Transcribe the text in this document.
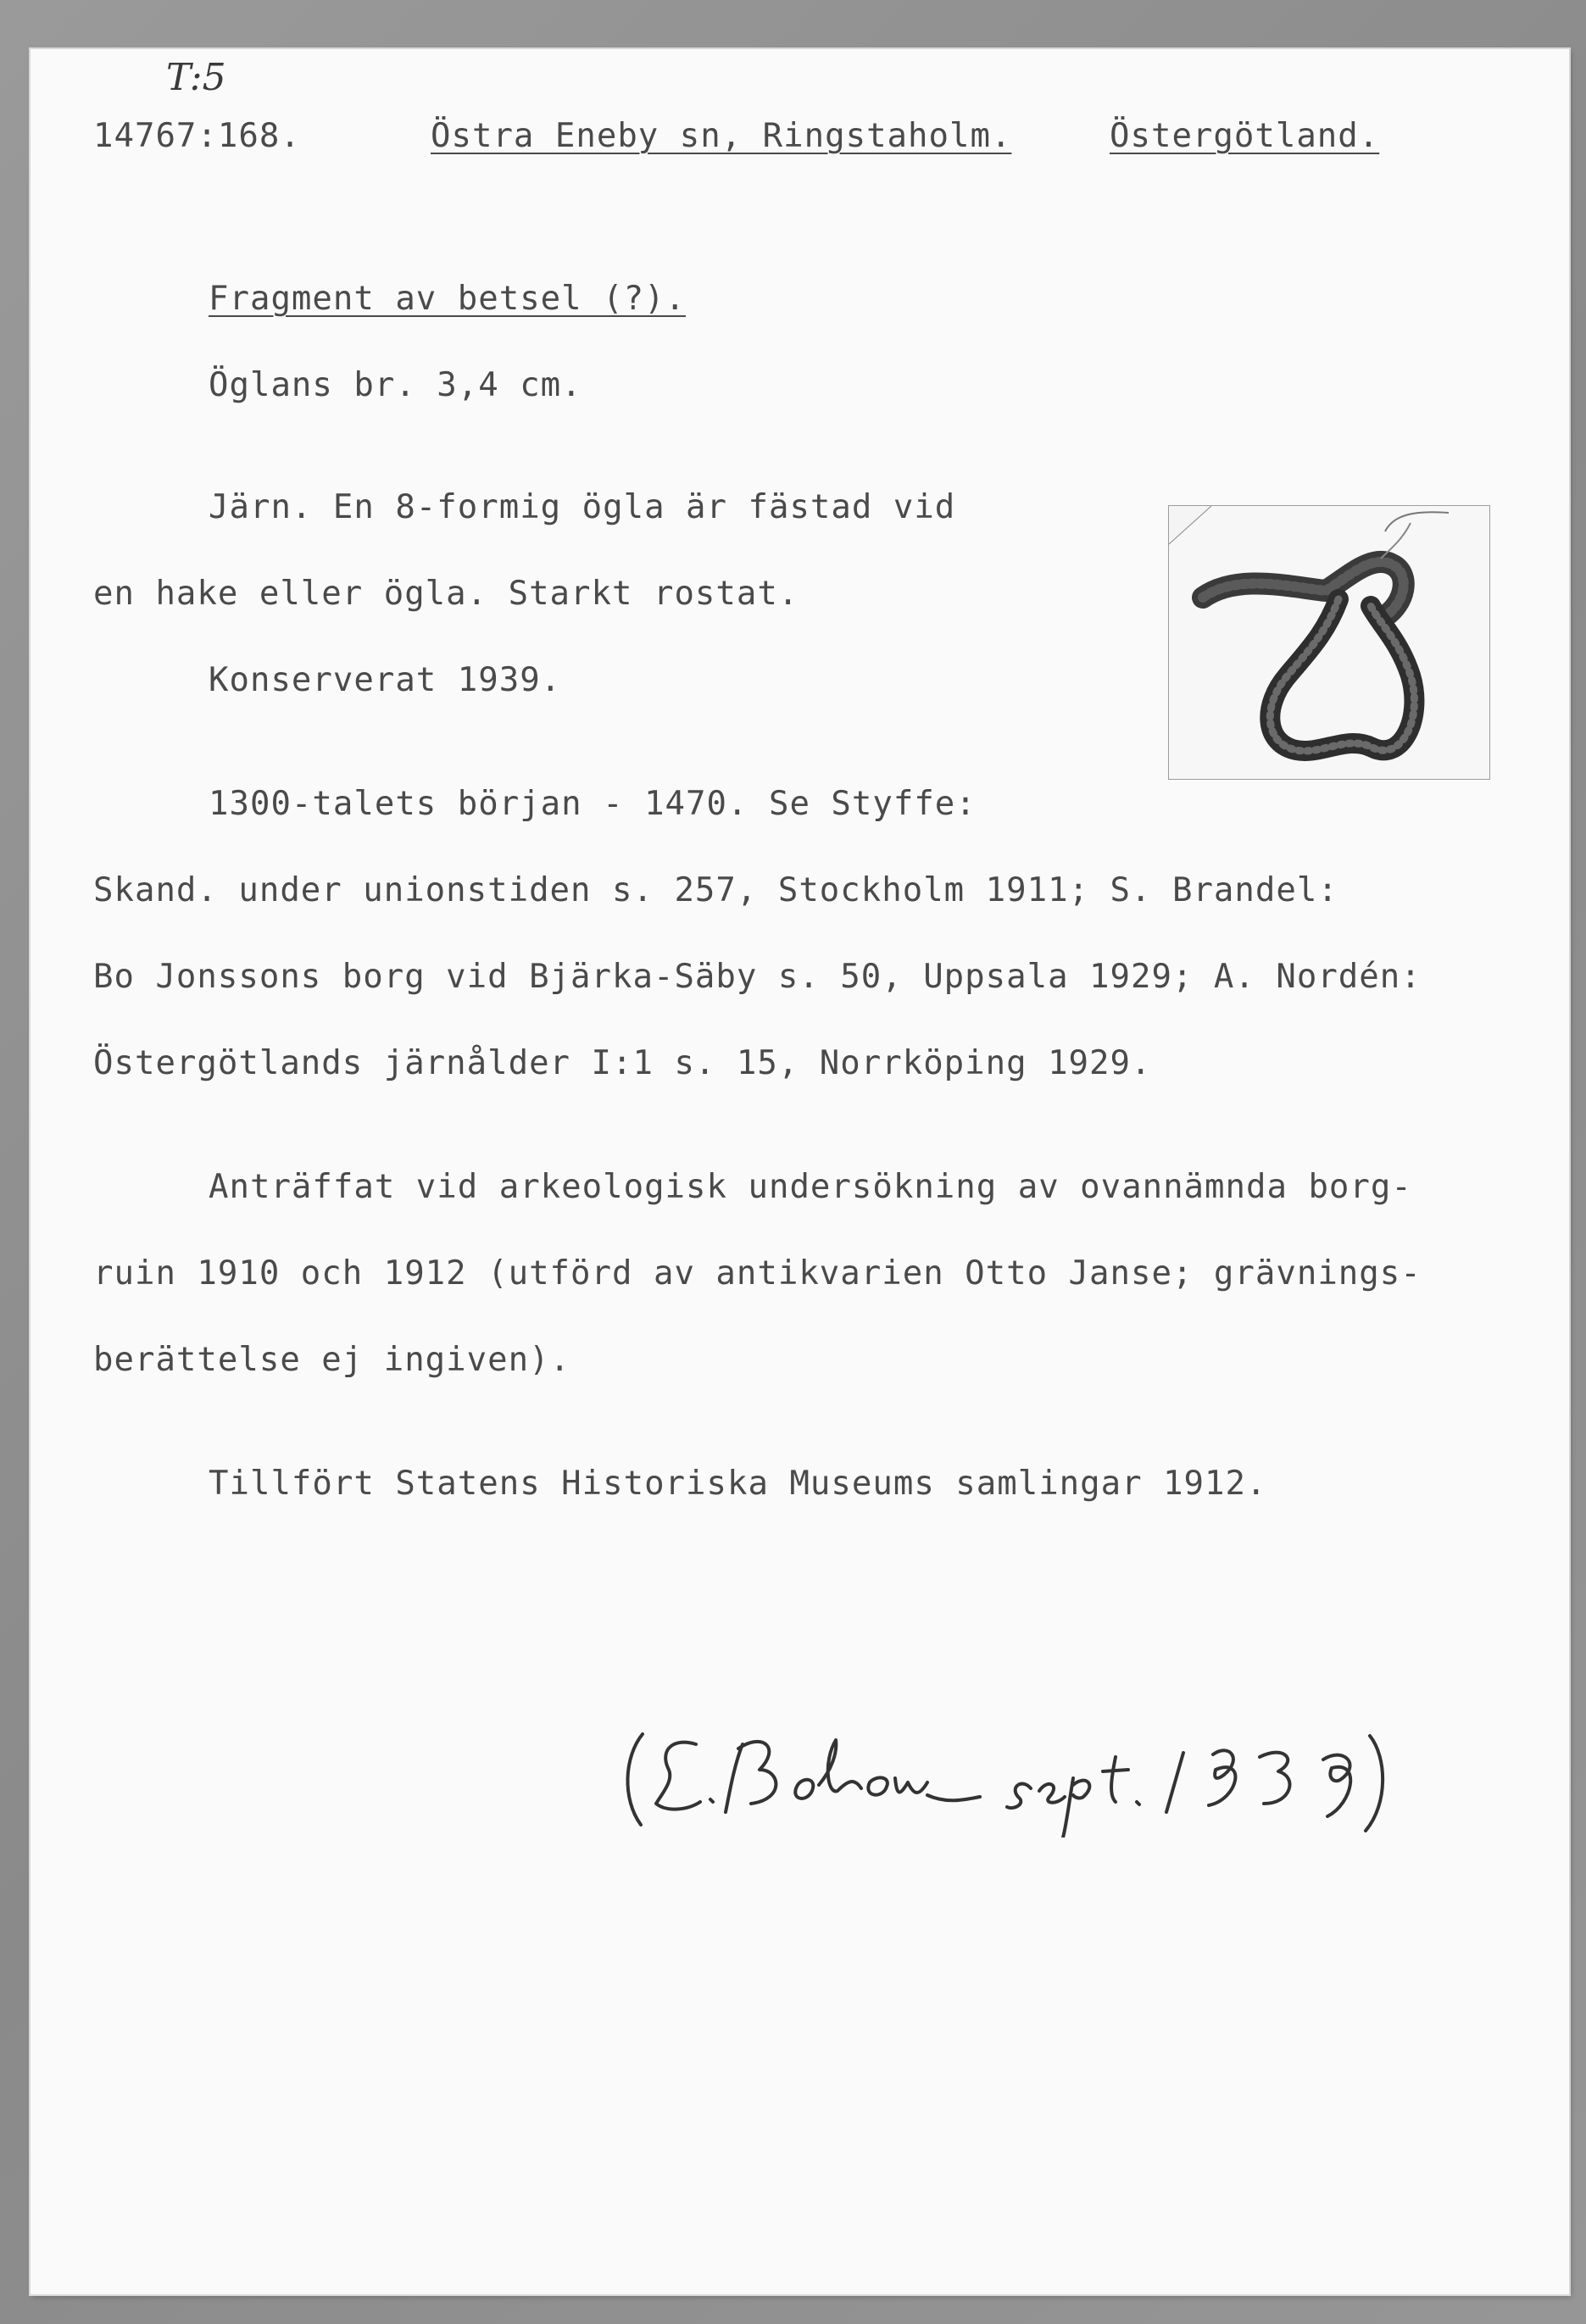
T:5
14767:168.	Östra Eneby sn, Ringstaholm.	Östergötland.
Fragment av betsel (?).
Öglans br. 3,4 cm.
Järn. En 8-formig ögla är fästad vid
en hake eller ögla. Starkt rostat.
Konserverat 1939.
1300-talets början - 1470. Se Styffe:
Skand. under unionstiden s. 257, Stockholm 1911; S. Brandel:
Bo Jonssons borg vid Bjärka-Säby s. 50, Uppsala 1929; A. Nordén:
Östergötlands järnålder I:1 s. 15, Norrköping 1929.
Anträffat vid arkeologisk undersökning av ovannämnda borg-
ruin 1910 och 1912 (utförd av antikvarien Otto Janse; grävnings-
berättelse ej ingiven).
Tillfört Statens Historiska Museums samlingar 1912.
